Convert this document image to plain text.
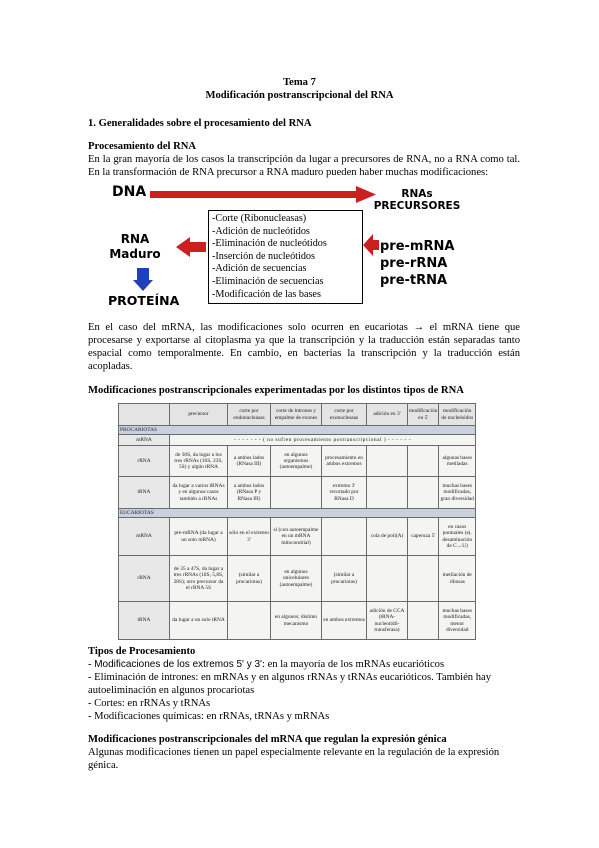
Tema 7
Modificación postranscripcional del RNA
1. Generalidades sobre el procesamiento del RNA
Procesamiento del RNA
En la gran mayoría de los casos la transcripción da lugar a precursores de RNA, no a RNA como tal. En la transformación de RNA precursor a RNA maduro pueden haber muchas modificaciones:
DNA	RNAs
PRECURSORES
RNA
Maduro
PROTEÍNA
-Corte (Ribonucleasas)
-Adición de nucleótidos
-Eliminación de nucleótidos
-Inserción de nucleótidos
-Adición de secuencias
-Eliminación de secuencias
-Modificación de las bases
pre-mRNA
pre-rRNA
pre-tRNA
En el caso del mRNA, las modificaciones solo ocurren en eucariotas → el mRNA tiene que procesarse y exportarse al citoplasma ya que la transcripción y la traducción están separadas tanto espacial como temporalmente. En cambio, en bacterias la transcripción y la traducción están acopladas.
Modificaciones postranscripcionales experimentadas por los distintos tipos de RNA
	precursor	corte por endonucleasas	corte de intrones y empalme de exones	corte por exonucleasas	adición en 3'	modificación en 5'	modificación de nucleósidos
PROCARIOTAS							
mRNA	- - - - - - - ( no sufren procesamiento postranscripcional ) - - - - - -						
rRNA	de 30S, da lugar a los tres rRNAs (16S, 23S, 5S) y algún tRNA	a ambos lados (RNasa III)	en algunos organismos (autoempalme)	procesamiento en ambos extremos			algunas bases metiladas
tRNA	da lugar a varios tRNAs y en algunos casos también a rRNAs	a ambos lados (RNasa P y RNasa III)		extremo 3' recortado por RNasa D			muchas bases modificadas, gran diversidad
EUCARIOTAS							
mRNA	pre-mRNA (da lugar a un solo mRNA)	sólo en el extremo 3'	sí (con autoempalme en un mRNA mitocondrial)		cola de poli(A)	caperuza 5'	en casos puntuales (ej. desaminación de C→U)
rRNA	de 35 a 47S, da lugar a tres rRNAs (18S, 5,8S, 28S); otro precursor da el rRNA 5S	(similar a procariotas)	en algunos unicelulares (autoempalme)	(similar a procariotas)			metilación de ribosas
tRNA	da lugar a un solo tRNA		en algunos; distinto mecanismo	en ambos extremos	adición de CCA (tRNA-nucleotidil-transferasa)		muchas bases modificadas, menor diversidad
Tipos de Procesamiento
- Modificaciones de los extremos 5' y 3': en la mayoría de los mRNAs eucarióticos
- Eliminación de intrones: en mRNAs y en algunos rRNAs y tRNAs eucarióticos. También hay autoeliminación en algunos procariotas
- Cortes: en rRNAs y tRNAs
- Modificaciones químicas: en rRNAs, tRNAs y mRNAs
Modificaciones postranscripcionales del mRNA que regulan la expresión génica
Algunas modificaciones tienen un papel especialmente relevante en la regulación de la expresión génica.
